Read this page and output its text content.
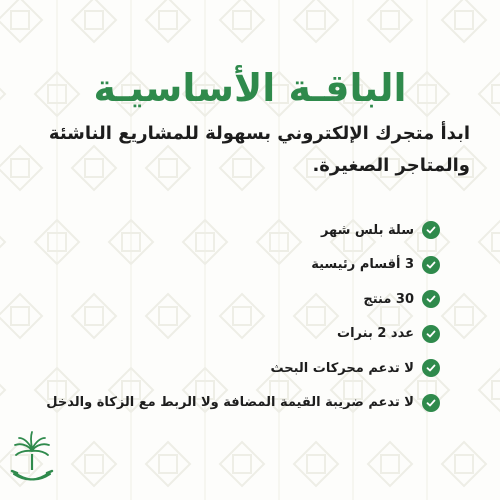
الباقـة الأساسيـة

ابدأ متجرك الإلكتروني بسهولة للمشاريع الناشئة والمتاجر الصغيرة.

سلة بلس شهر
3 أقسام رئيسية
30 منتج
عدد 2 بنرات
لا تدعم محركات البحث
لا تدعم ضريبة القيمة المضافة ولا الربط مع الزكاة والدخل
